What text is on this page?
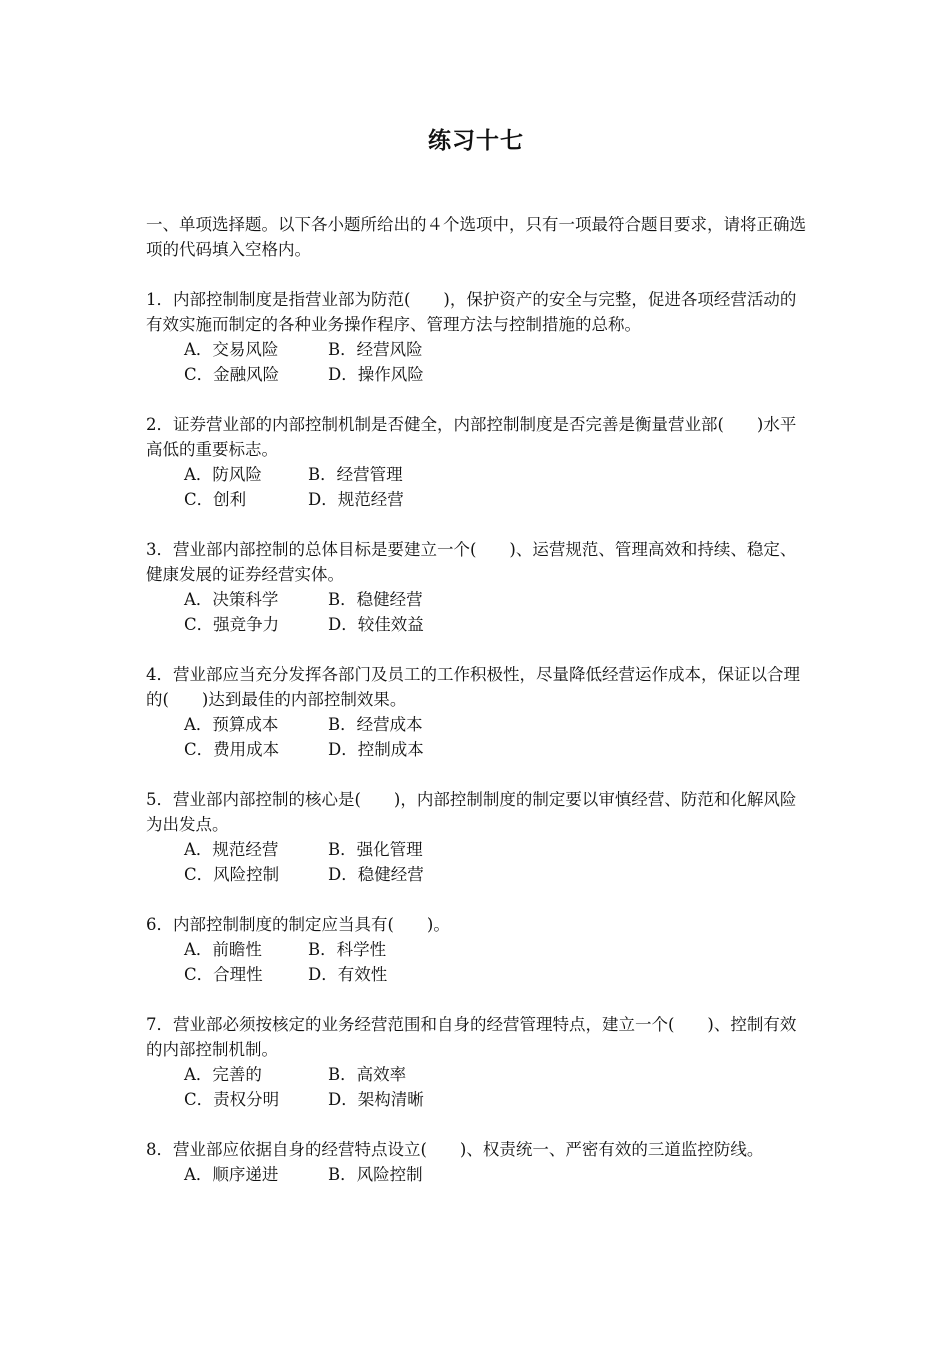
练习十七

一、单项选择题。以下各小题所给出的４个选项中，只有一项最符合题目要求，请将正确选项的代码填入空格内。

1．内部控制制度是指营业部为防范(　　)，保护资产的安全与完整，促进各项经营活动的有效实施而制定的各种业务操作程序、管理方法与控制措施的总称。

A．交易风险	B．经营风险
C．金融风险	D．操作风险

2．证券营业部的内部控制机制是否健全，内部控制制度是否完善是衡量营业部(　　)水平高低的重要标志。

A．防风险	B．经营管理
C．创利	D．规范经营

3．营业部内部控制的总体目标是要建立一个(　　)、运营规范、管理高效和持续、稳定、健康发展的证券经营实体。

A．决策科学	B．稳健经营
C．强竞争力	D．较佳效益

4．营业部应当充分发挥各部门及员工的工作积极性，尽量降低经营运作成本，保证以合理的(　　)达到最佳的内部控制效果。

A．预算成本	B．经营成本
C．费用成本	D．控制成本

5．营业部内部控制的核心是(　　)，内部控制制度的制定要以审慎经营、防范和化解风险为出发点。

A．规范经营	B．强化管理
C．风险控制	D．稳健经营

6．内部控制制度的制定应当具有(　　)。

A．前瞻性	B．科学性
C．合理性	D．有效性

7．营业部必须按核定的业务经营范围和自身的经营管理特点，建立一个(　　)、控制有效的内部控制机制。

A．完善的	B．高效率
C．责权分明	D．架构清晰

8．营业部应依据自身的经营特点设立(　　)、权责统一、严密有效的三道监控防线。

A．顺序递进	B．风险控制
